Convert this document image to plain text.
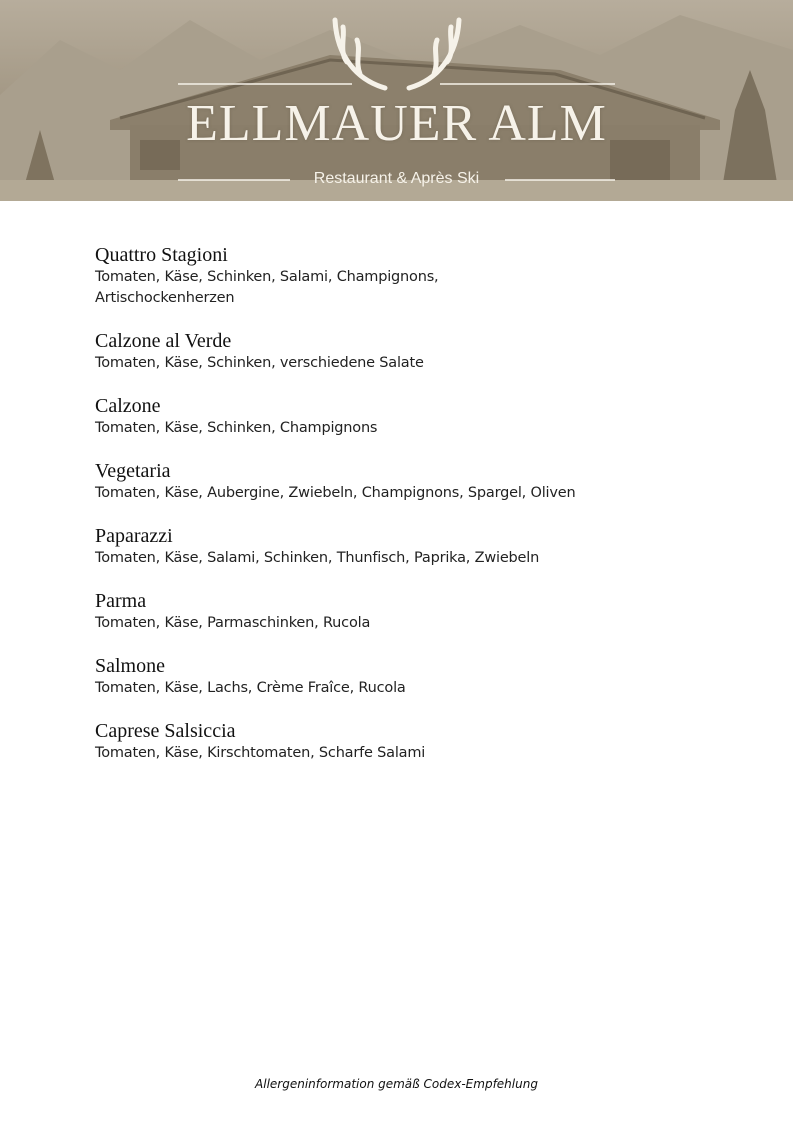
ELLMAUER ALM
Restaurant & Après Ski
Quattro Stagioni
Tomaten, Käse, Schinken, Salami, Champignons,
Artischockenherzen
Calzone al Verde
Tomaten, Käse, Schinken, verschiedene Salate
Calzone
Tomaten, Käse, Schinken, Champignons
Vegetaria
Tomaten, Käse, Aubergine, Zwiebeln, Champignons, Spargel, Oliven
Paparazzi
Tomaten, Käse, Salami, Schinken, Thunfisch, Paprika, Zwiebeln
Parma
Tomaten, Käse, Parmaschinken, Rucola
Salmone
Tomaten, Käse, Lachs, Crème Fraîce, Rucola
Caprese Salsiccia
Tomaten, Käse, Kirschtomaten, Scharfe Salami
Allergeninformation gemäß Codex-Empfehlung
